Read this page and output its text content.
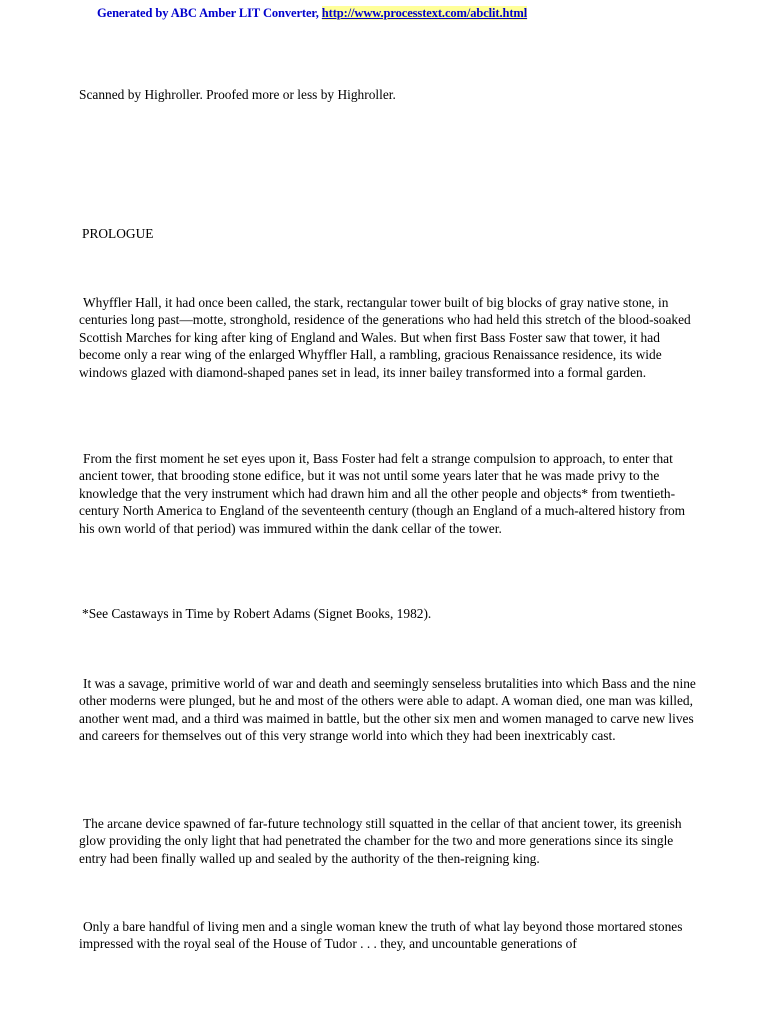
Generated by ABC Amber LIT Converter, http://www.processtext.com/abclit.html

Scanned by Highroller. Proofed more or less by Highroller.

PROLOGUE

Whyffler Hall, it had once been called, the stark, rectangular tower built of big blocks of gray native stone, in centuries long past—motte, stronghold, residence of the generations who had held this stretch of the blood-soaked Scottish Marches for king after king of England and Wales. But when first Bass Foster saw that tower, it had become only a rear wing of the enlarged Whyffler Hall, a rambling, gracious Renaissance residence, its wide windows glazed with diamond-shaped panes set in lead, its inner bailey transformed into a formal garden.

From the first moment he set eyes upon it, Bass Foster had felt a strange compulsion to approach, to enter that ancient tower, that brooding stone edifice, but it was not until some years later that he was made privy to the knowledge that the very instrument which had drawn him and all the other people and objects* from twentieth-century North America to England of the seventeenth century (though an England of a much-altered history from his own world of that period) was immured within the dank cellar of the tower.

*See Castaways in Time by Robert Adams (Signet Books, 1982).

It was a savage, primitive world of war and death and seemingly senseless brutalities into which Bass and the nine other moderns were plunged, but he and most of the others were able to adapt. A woman died, one man was killed, another went mad, and a third was maimed in battle, but the other six men and women managed to carve new lives and careers for themselves out of this very strange world into which they had been inextricably cast.

The arcane device spawned of far-future technology still squatted in the cellar of that ancient tower, its greenish glow providing the only light that had penetrated the chamber for the two and more generations since its single entry had been finally walled up and sealed by the authority of the then-reigning king.

Only a bare handful of living men and a single woman knew the truth of what lay beyond those mortared stones impressed with the royal seal of the House of Tudor . . . they, and uncountable generations of
